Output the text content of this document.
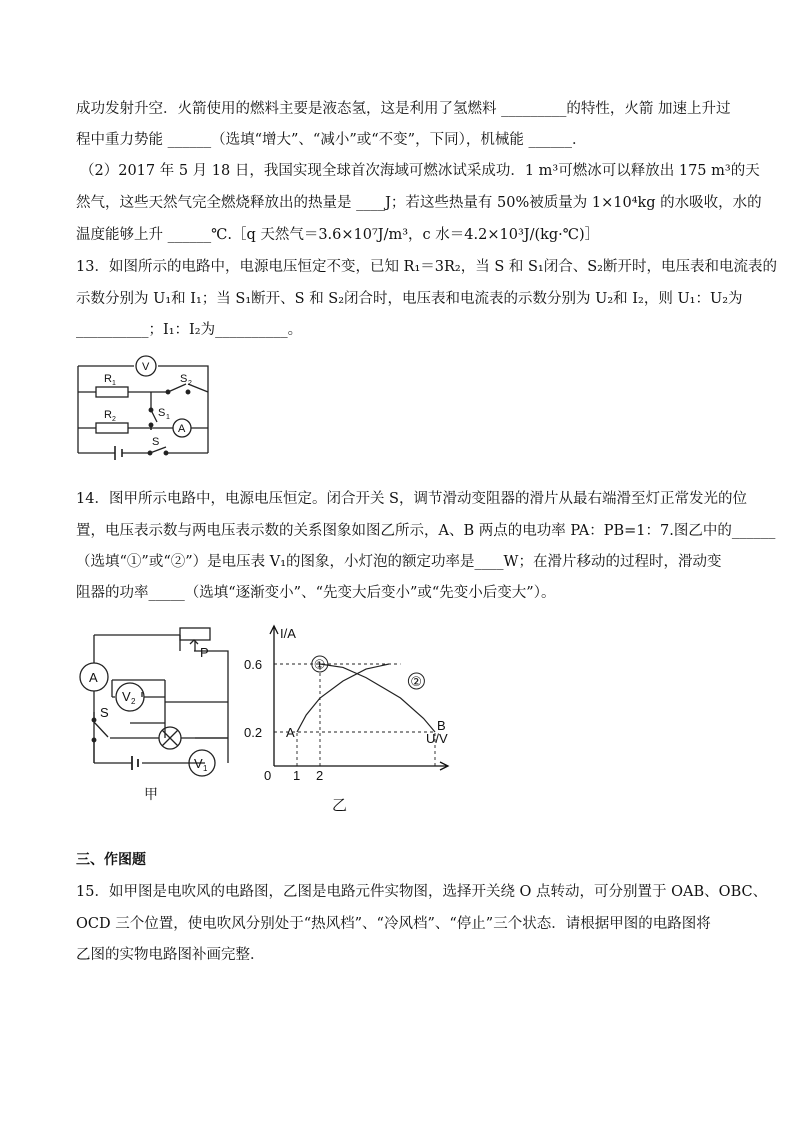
成功发射升空．火箭使用的燃料主要是液态氢，这是利用了氢燃料 _________的特性，火箭 加速上升过
程中重力势能 ______（选填“增大”、“减小”或“不变”，下同），机械能 ______．
（2）2017 年 5 月 18 日，我国实现全球首次海域可燃冰试采成功．1 m³可燃冰可以释放出 175 m³的天
然气，这些天然气完全燃烧释放出的热量是 ____J；若这些热量有 50%被质量为 1×10⁴kg 的水吸收，水的
温度能够上升 ______℃.［q 天然气＝3.6×10⁷J/m³，c 水＝4.2×10³J/(kg·℃)］
13．如图所示的电路中，电源电压恒定不变，已知 R₁＝3R₂，当 S 和 S₁闭合、S₂断开时，电压表和电流表的
示数分别为 U₁和 I₁；当 S₁断开、S 和 S₂闭合时，电压表和电流表的示数分别为 U₂和 I₂，则 U₁：U₂为
__________；I₁：I₂为__________。
V
A
R 1
R 2
S 2
S 1
S
14．图甲所示电路中，电源电压恒定。闭合开关 S，调节滑动变阻器的滑片从最右端滑至灯正常发光的位
置，电压表示数与两电压表示数的关系图象如图乙所示，A、B 两点的电功率 PA：PB=1：7.图乙中的______
（选填“①”或“②”）是电压表 V₁的图象，小灯泡的额定功率是____W；在滑片移动的过程时，滑动变
阻器的功率_____（选填“逐渐变小”、“先变大后变小”或“先变小后变大”）。
A
V 2
V 1
S
P
甲
I/A
U/V
0
①
②
0.6
0.2
1 2
A	B
乙
三、作图题
15．如甲图是电吹风的电路图，乙图是电路元件实物图，选择开关绕 O 点转动，可分别置于 OAB、OBC、
OCD 三个位置，使电吹风分别处于“热风档”、“冷风档”、“停止”三个状态．请根据甲图的电路图将
乙图的实物电路图补画完整．
